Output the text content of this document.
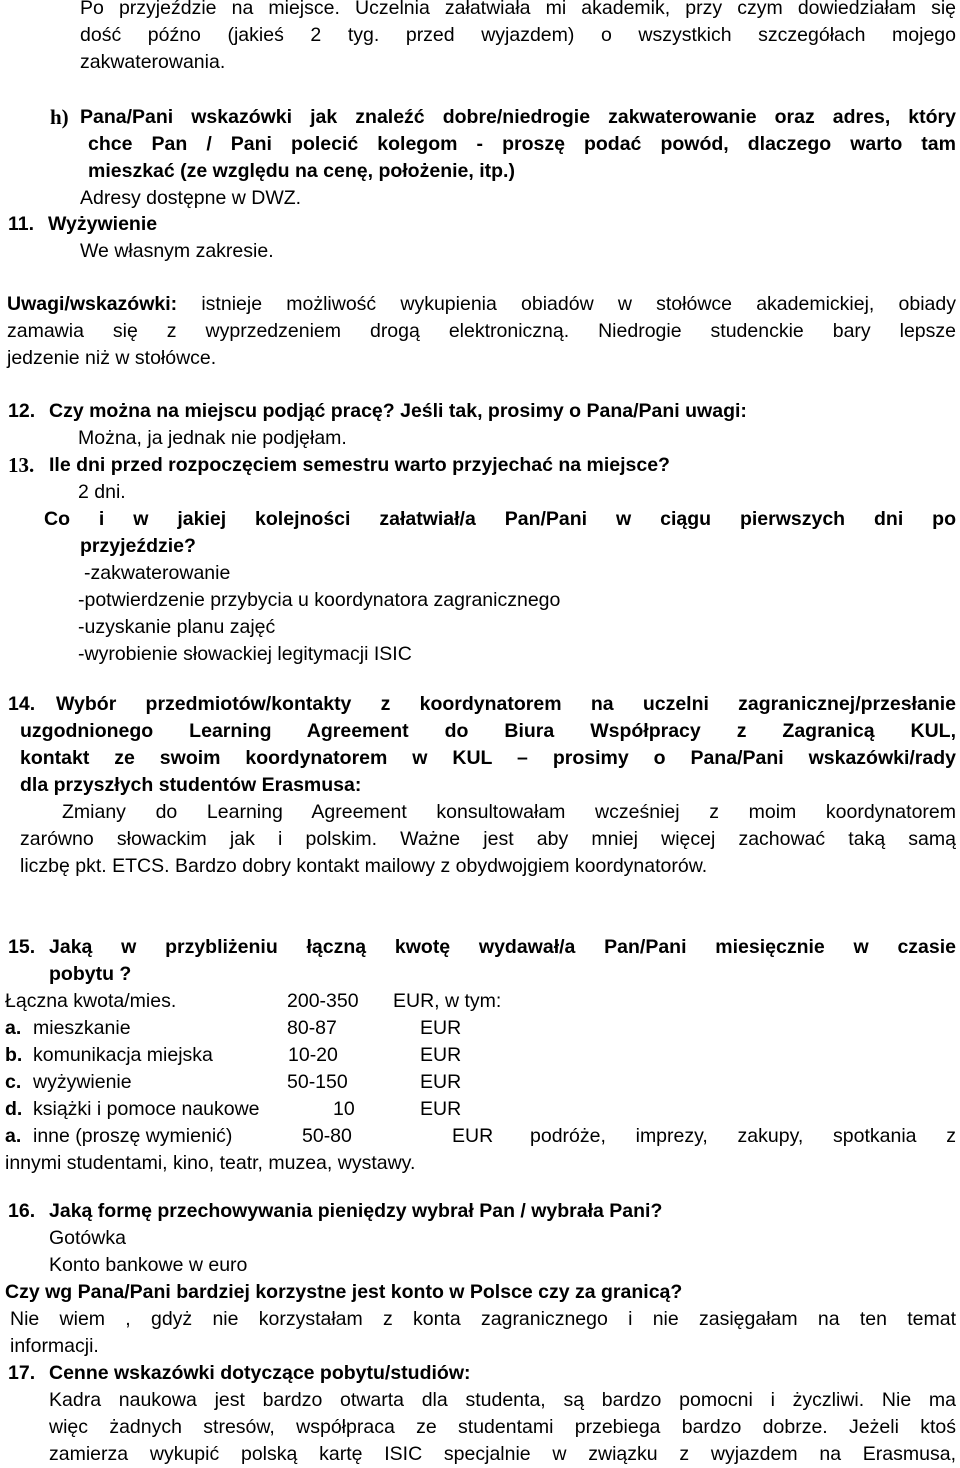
Po przyjeździe na miejsce. Uczelnia załatwiała mi akademik, przy czym dowiedziałam się
dość późno (jakieś 2 tyg. przed wyjazdem) o wszystkich szczegółach mojego
zakwaterowania.
h) Pana/Pani wskazówki jak znaleźć dobre/niedrogie zakwaterowanie oraz adres, który
chce Pan / Pani polecić kolegom - proszę podać powód, dlaczego warto tam
mieszkać (ze względu na cenę, położenie, itp.)
Adresy dostępne w DWZ.
11. Wyżywienie
We własnym zakresie.
Uwagi/wskazówki: istnieje możliwość wykupienia obiadów w stołówce akademickiej, obiady
zamawia się z wyprzedzeniem drogą elektroniczną. Niedrogie studenckie bary lepsze
jedzenie niż w stołówce.
12. Czy można na miejscu podjąć pracę? Jeśli tak, prosimy o Pana/Pani uwagi:
Można, ja jednak nie podjęłam.
13. Ile dni przed rozpoczęciem semestru warto przyjechać na miejsce?
2 dni.
Co i w jakiej kolejności załatwiał/a Pan/Pani w ciągu pierwszych dni po
przyjeździe?
-zakwaterowanie
-potwierdzenie przybycia u koordynatora zagranicznego
-uzyskanie planu zajęć
-wyrobienie słowackiej legitymacji ISIC
14. Wybór przedmiotów/kontakty z koordynatorem na uczelni zagranicznej/przesłanie
uzgodnionego Learning Agreement do Biura Współpracy z Zagranicą KUL,
kontakt ze swoim koordynatorem w KUL – prosimy o Pana/Pani wskazówki/rady
dla przyszłych studentów Erasmusa:
Zmiany do Learning Agreement konsultowałam wcześniej z moim koordynatorem
zarówno słowackim jak i polskim. Ważne jest aby mniej więcej zachować taką samą
liczbę pkt. ETCS. Bardzo dobry kontakt mailowy z obydwojgiem koordynatorów.
15. Jaką w przybliżeniu łączną kwotę wydawał/a Pan/Pani miesięcznie w czasie
pobytu ?
Łączna kwota/mies.	200-350 EUR, w tym:
a. mieszkanie	80-87	EUR
b. komunikacja miejska	10-20	EUR
c. wyżywienie	50-150	EUR
d. książki i pomoce naukowe	10	EUR
a. inne (proszę wymienić)	50-80	EUR podróże, imprezy, zakupy, spotkania z
innymi studentami, kino, teatr, muzea, wystawy.
16. Jaką formę przechowywania pieniędzy wybrał Pan / wybrała Pani?
Gotówka
Konto bankowe w euro
Czy wg Pana/Pani bardziej korzystne jest konto w Polsce czy za granicą?
Nie wiem , gdyż nie korzystałam z konta zagranicznego i nie zasięgałam na ten temat
informacji.
17. Cenne wskazówki dotyczące pobytu/studiów:
Kadra naukowa jest bardzo otwarta dla studenta, są bardzo pomocni i życzliwi. Nie ma
więc żadnych stresów, współpraca ze studentami przebiega bardzo dobrze. Jeżeli ktoś
zamierza wykupić polską kartę ISIC specjalnie w związku z wyjazdem na Erasmusa,
